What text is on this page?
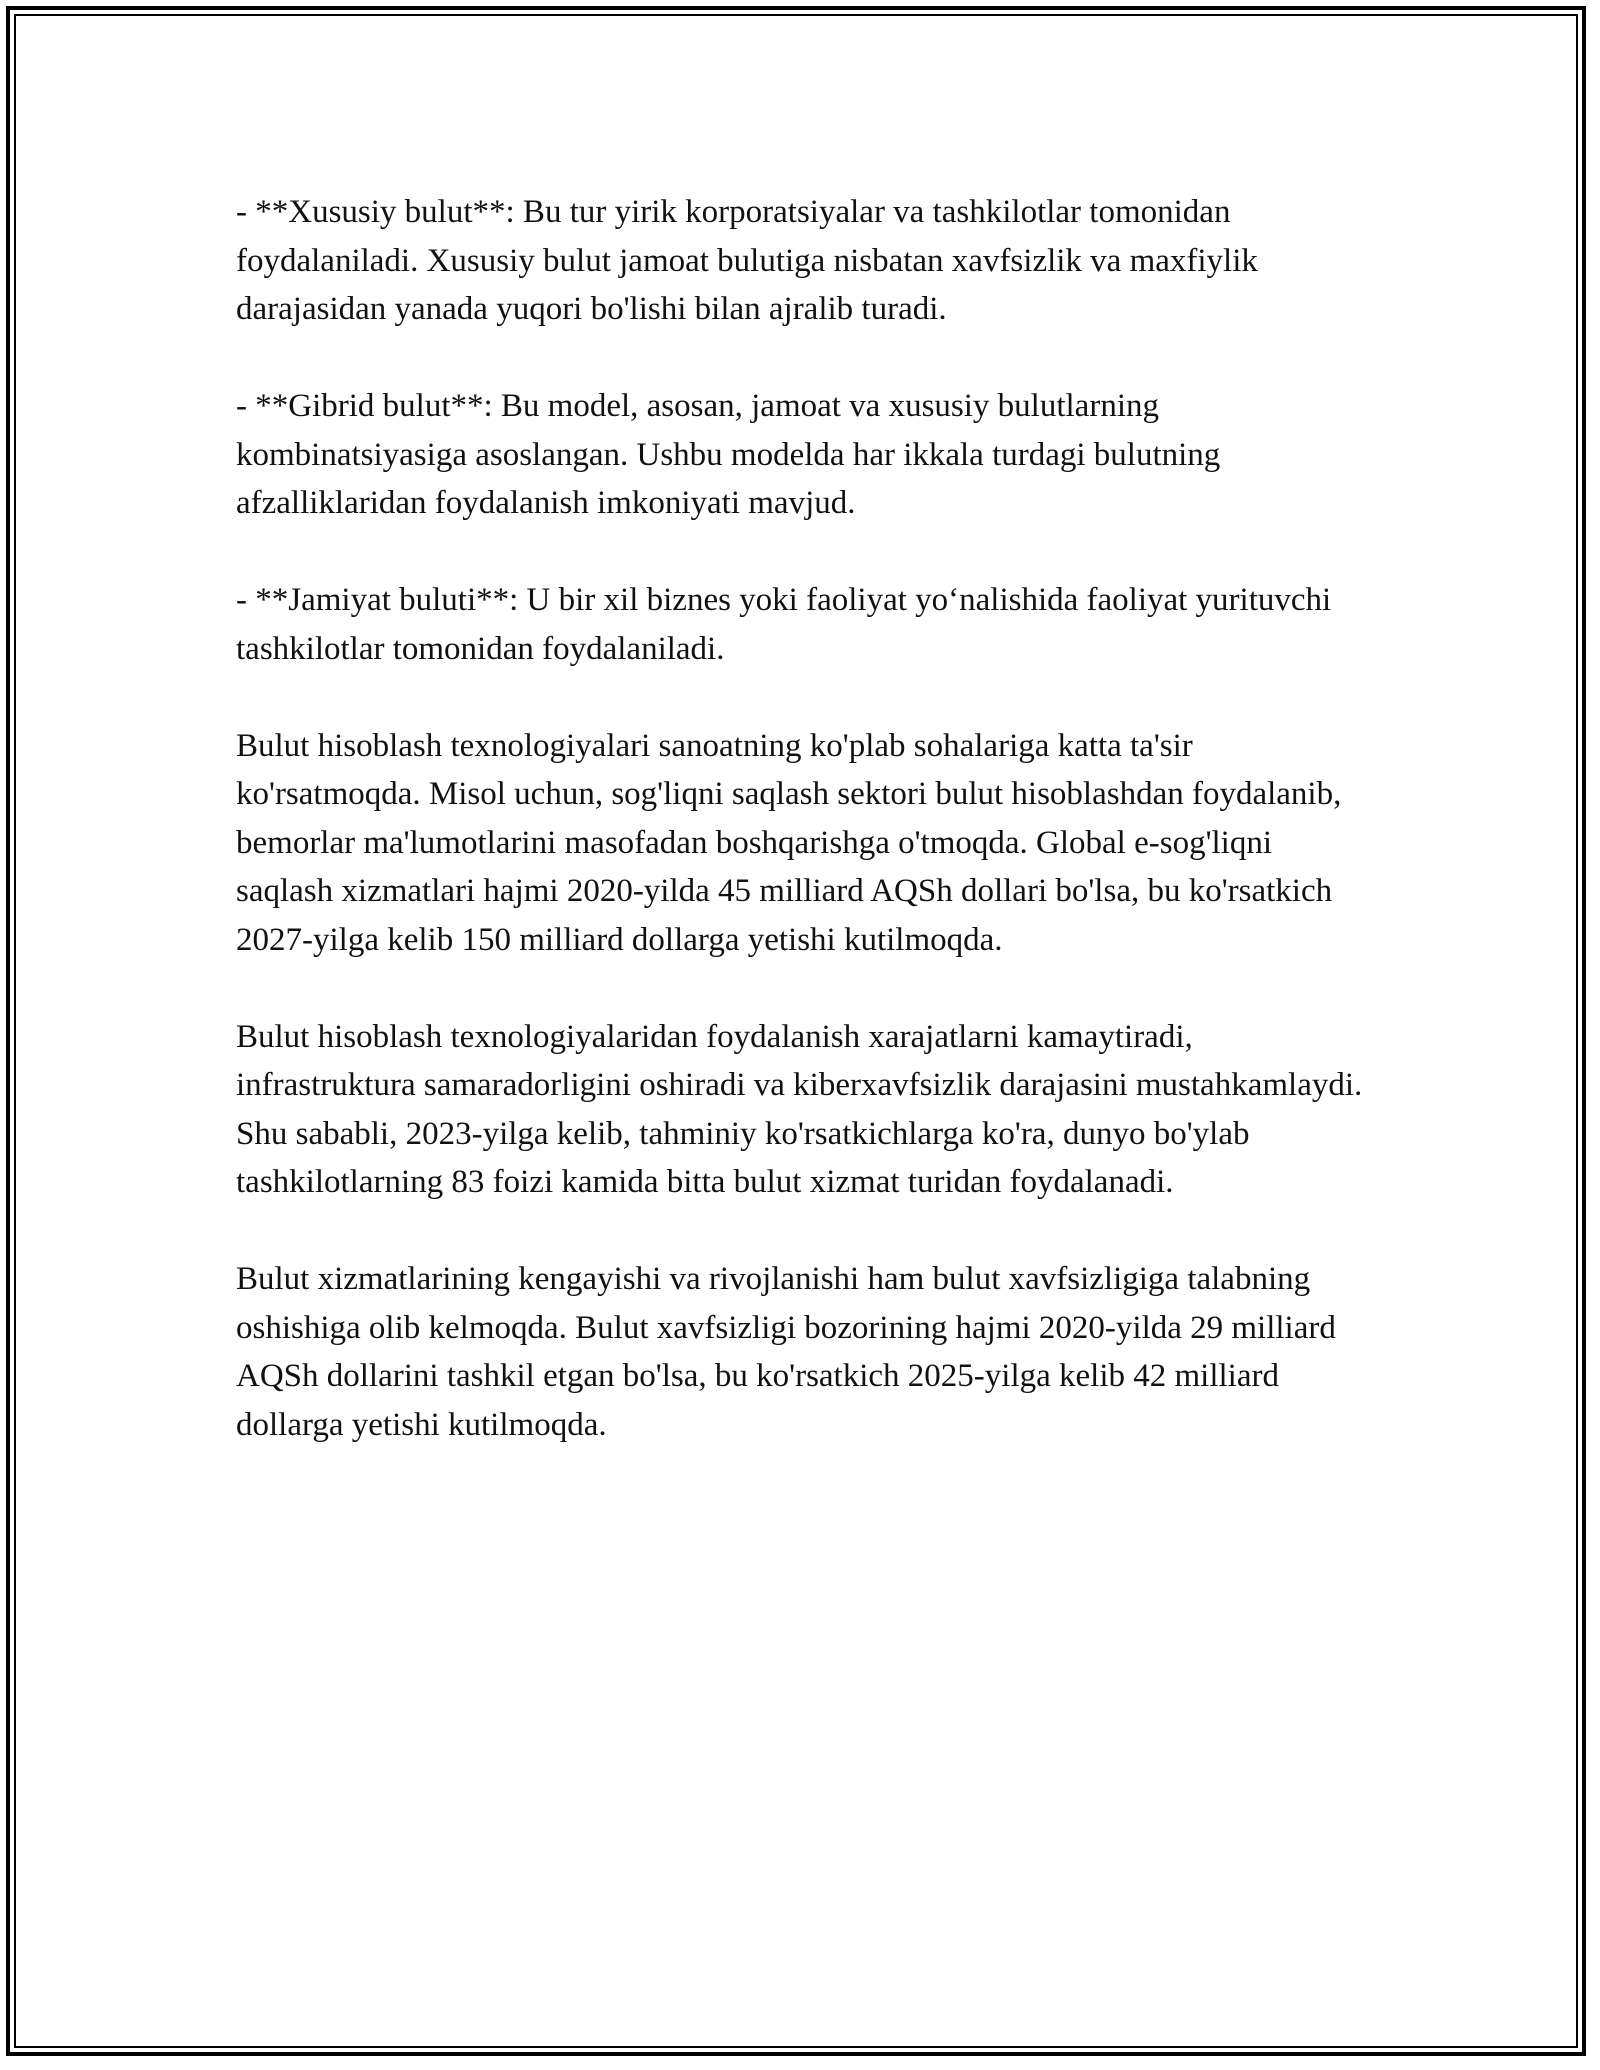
- **Xususiy bulut**: Bu tur yirik korporatsiyalar va tashkilotlar tomonidan foydalaniladi. Xususiy bulut jamoat bulutiga nisbatan xavfsizlik va maxfiylik darajasidan yanada yuqori bo'lishi bilan ajralib turadi.

- **Gibrid bulut**: Bu model, asosan, jamoat va xususiy bulutlarning kombinatsiyasiga asoslangan. Ushbu modelda har ikkala turdagi bulutning afzalliklaridan foydalanish imkoniyati mavjud.

- **Jamiyat buluti**: U bir xil biznes yoki faoliyat yo‘nalishida faoliyat yurituvchi tashkilotlar tomonidan foydalaniladi.

Bulut hisoblash texnologiyalari sanoatning ko'plab sohalariga katta ta'sir ko'rsatmoqda. Misol uchun, sog'liqni saqlash sektori bulut hisoblashdan foydalanib, bemorlar ma'lumotlarini masofadan boshqarishga o'tmoqda. Global e-sog'liqni saqlash xizmatlari hajmi 2020-yilda 45 milliard AQSh dollari bo'lsa, bu ko'rsatkich 2027-yilga kelib 150 milliard dollarga yetishi kutilmoqda.

Bulut hisoblash texnologiyalaridan foydalanish xarajatlarni kamaytiradi, infrastruktura samaradorligini oshiradi va kiberxavfsizlik darajasini mustahkamlaydi. Shu sababli, 2023-yilga kelib, tahminiy ko'rsatkichlarga ko'ra, dunyo bo'ylab tashkilotlarning 83 foizi kamida bitta bulut xizmat turidan foydalanadi.

Bulut xizmatlarining kengayishi va rivojlanishi ham bulut xavfsizligiga talabning oshishiga olib kelmoqda. Bulut xavfsizligi bozorining hajmi 2020-yilda 29 milliard AQSh dollarini tashkil etgan bo'lsa, bu ko'rsatkich 2025-yilga kelib 42 milliard dollarga yetishi kutilmoqda.
